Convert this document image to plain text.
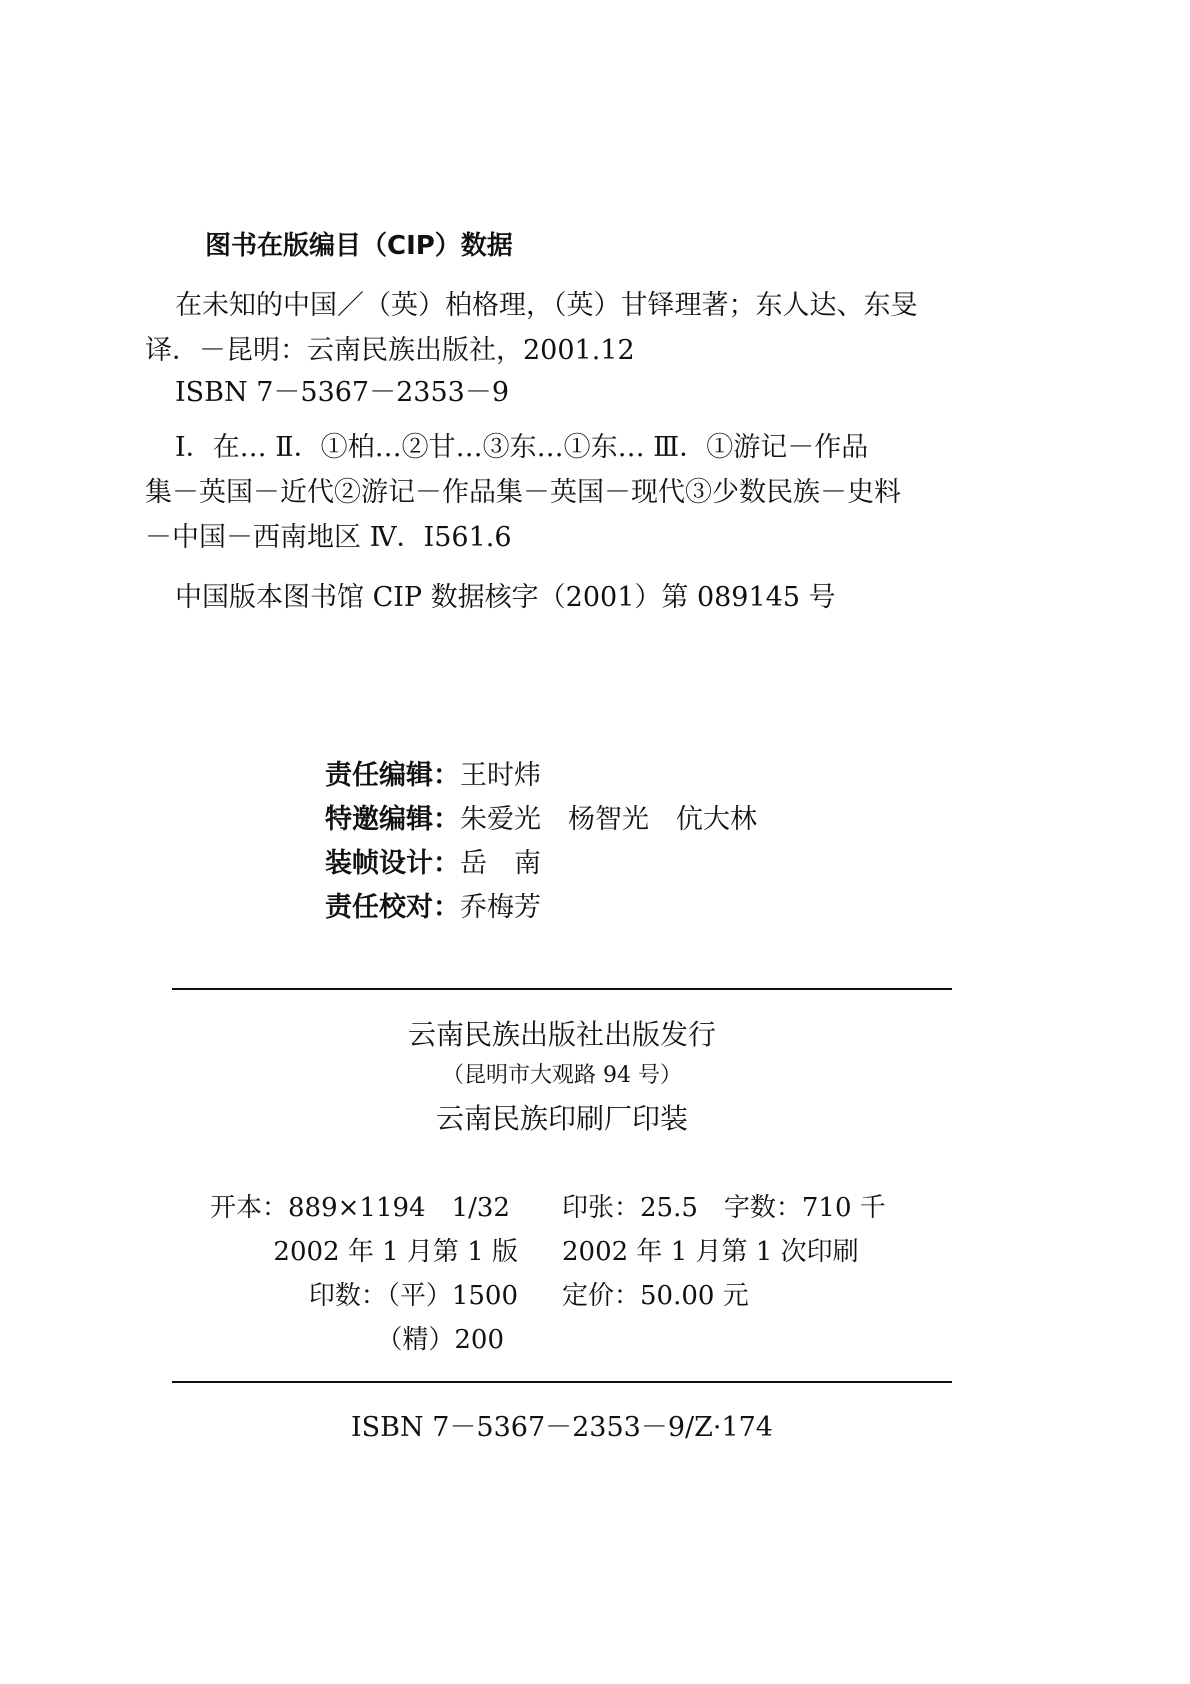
图书在版编目（CIP）数据
在未知的中国／（英）柏格理，（英）甘铎理著；东人达、东旻
译．－昆明：云南民族出版社，2001.12
ISBN 7－5367－2353－9
Ⅰ．在… Ⅱ．①柏…②甘…③东…①东… Ⅲ．①游记－作品
集－英国－近代②游记－作品集－英国－现代③少数民族－史料
－中国－西南地区 Ⅳ．I561.6
中国版本图书馆 CIP 数据核字（2001）第 089145 号
责任编辑：王时炜
特邀编辑：朱爱光　杨智光　伉大林
装帧设计：岳　南
责任校对：乔梅芳
云南民族出版社出版发行
（昆明市大观路 94 号）
云南民族印刷厂印装
开本：889×1194　1/32 印张：25.5　字数：710 千
2002 年 1 月第 1 版 2002 年 1 月第 1 次印刷
印数：（平）1500 定价：50.00 元
（精）200
ISBN 7－5367－2353－9/Z·174
